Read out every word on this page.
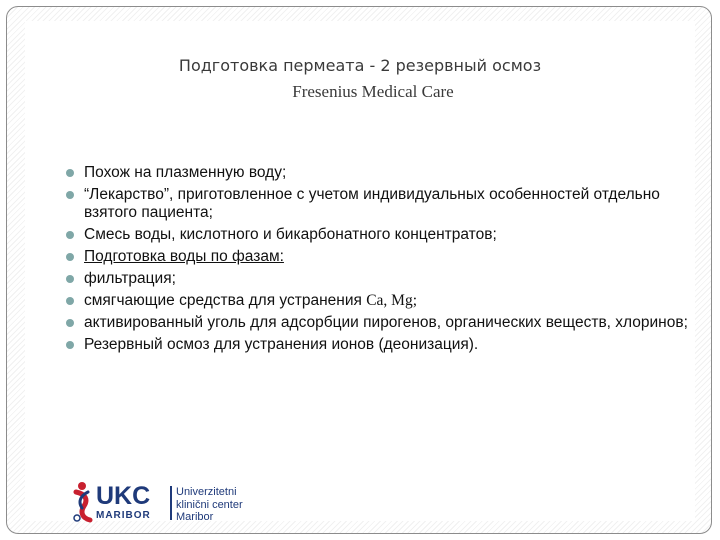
Подготовка пермеата - 2 резервный осмоз
Fresenius Medical Care
Похож на плазменную воду;
“Лекарство”, приготовленное с учетом индивидуальных особенностей отдельно взятого пациента;
Смесь воды, кислотного и бикарбонатного концентратов;
Подготовка воды по фазам:
фильтрация;
смягчающие средства для устранения Ca, Mg;
активированный уголь для адсорбции пирогенов, органических веществ, хлоринов;
Резервный осмоз для устранения ионов (деонизация).
UKC
MARIBOR
Univerzitetni
klinični center
Maribor
